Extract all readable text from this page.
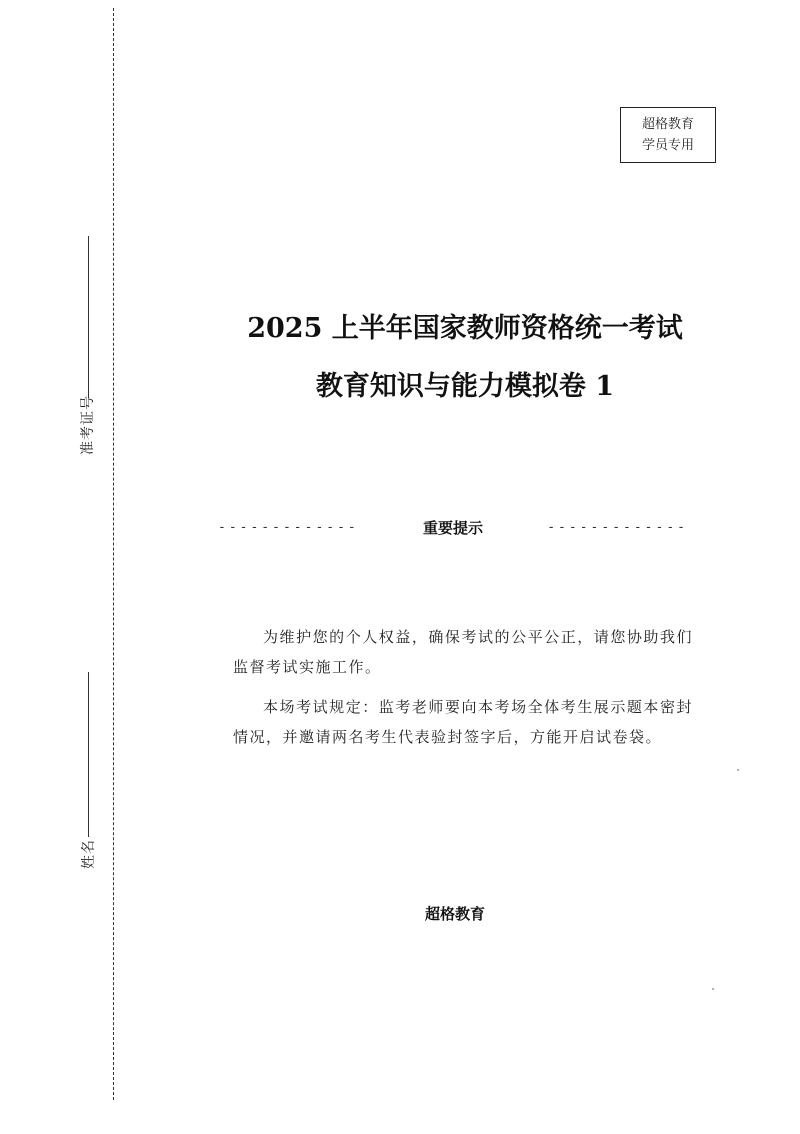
准考证号
姓名
超格教育
学员专用
2025 上半年国家教师资格统一考试
教育知识与能力模拟卷 1
-------------	重要提示	-------------
为维护您的个人权益，确保考试的公平公正，请您协助我们监督考试实施工作。
本场考试规定：监考老师要向本考场全体考生展示题本密封情况，并邀请两名考生代表验封签字后，方能开启试卷袋。
超格教育
